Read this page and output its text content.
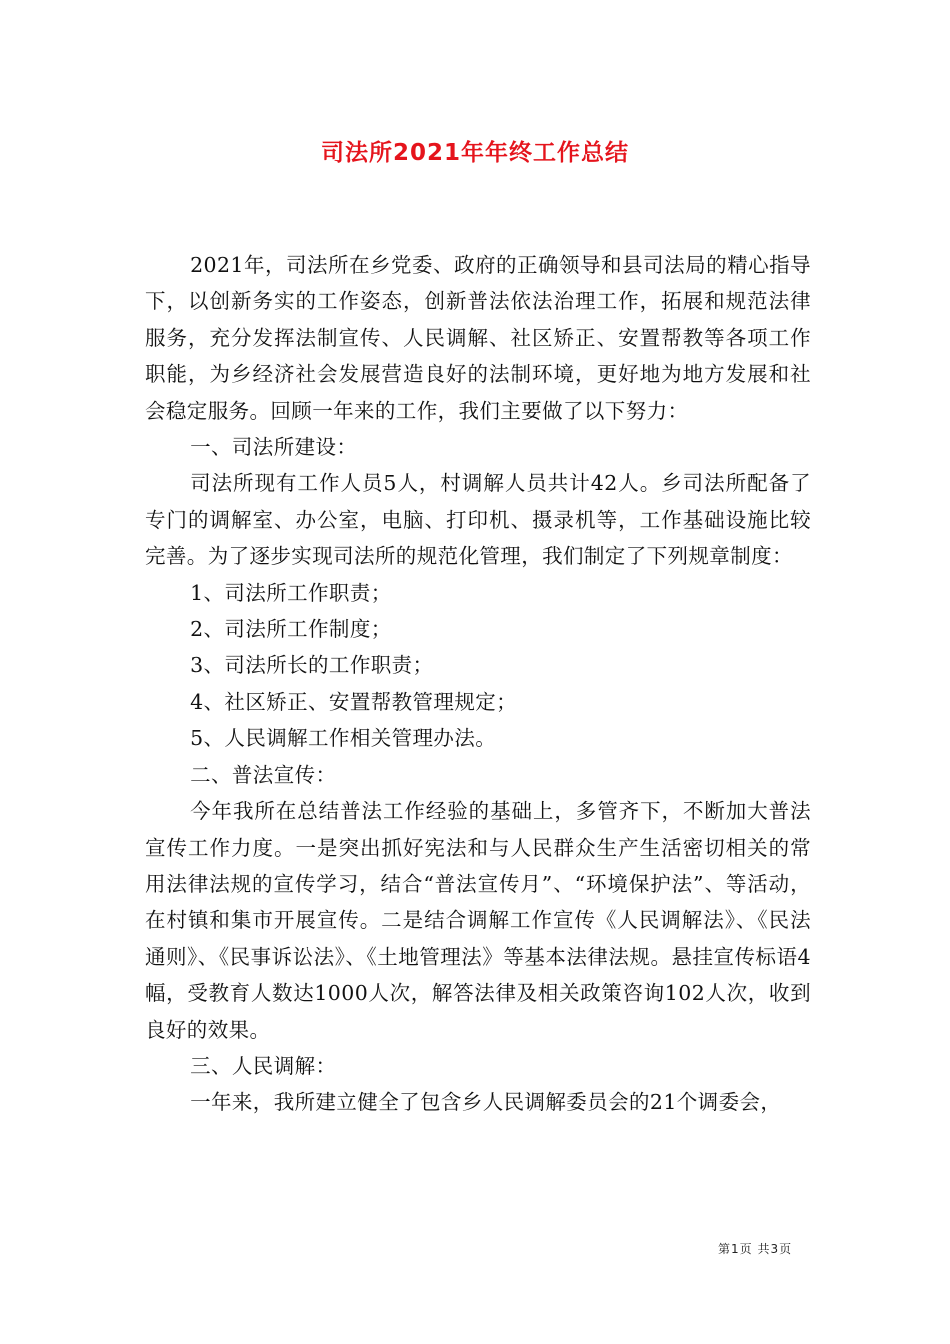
司法所2021年年终工作总结

2021年，司法所在乡党委、政府的正确领导和县司法局的精心指导下，以创新务实的工作姿态，创新普法依法治理工作，拓展和规范法律服务，充分发挥法制宣传、人民调解、社区矫正、安置帮教等各项工作职能，为乡经济社会发展营造良好的法制环境，更好地为地方发展和社会稳定服务。回顾一年来的工作，我们主要做了以下努力：

一、司法所建设：

司法所现有工作人员5人，村调解人员共计42人。乡司法所配备了专门的调解室、办公室，电脑、打印机、摄录机等，工作基础设施比较完善。为了逐步实现司法所的规范化管理，我们制定了下列规章制度：

1、司法所工作职责；

2、司法所工作制度；

3、司法所长的工作职责；

4、社区矫正、安置帮教管理规定；

5、人民调解工作相关管理办法。

二、普法宣传：

今年我所在总结普法工作经验的基础上，多管齐下，不断加大普法宣传工作力度。一是突出抓好宪法和与人民群众生产生活密切相关的常用法律法规的宣传学习，结合“普法宣传月”、“环境保护法”、等活动，在村镇和集市开展宣传。二是结合调解工作宣传《人民调解法》、《民法通则》、《民事诉讼法》、《土地管理法》等基本法律法规。悬挂宣传标语4幅，受教育人数达1000人次，解答法律及相关政策咨询102人次，收到良好的效果。

三、人民调解：

一年来，我所建立健全了包含乡人民调解委员会的21个调委会，

第1页 共3页
